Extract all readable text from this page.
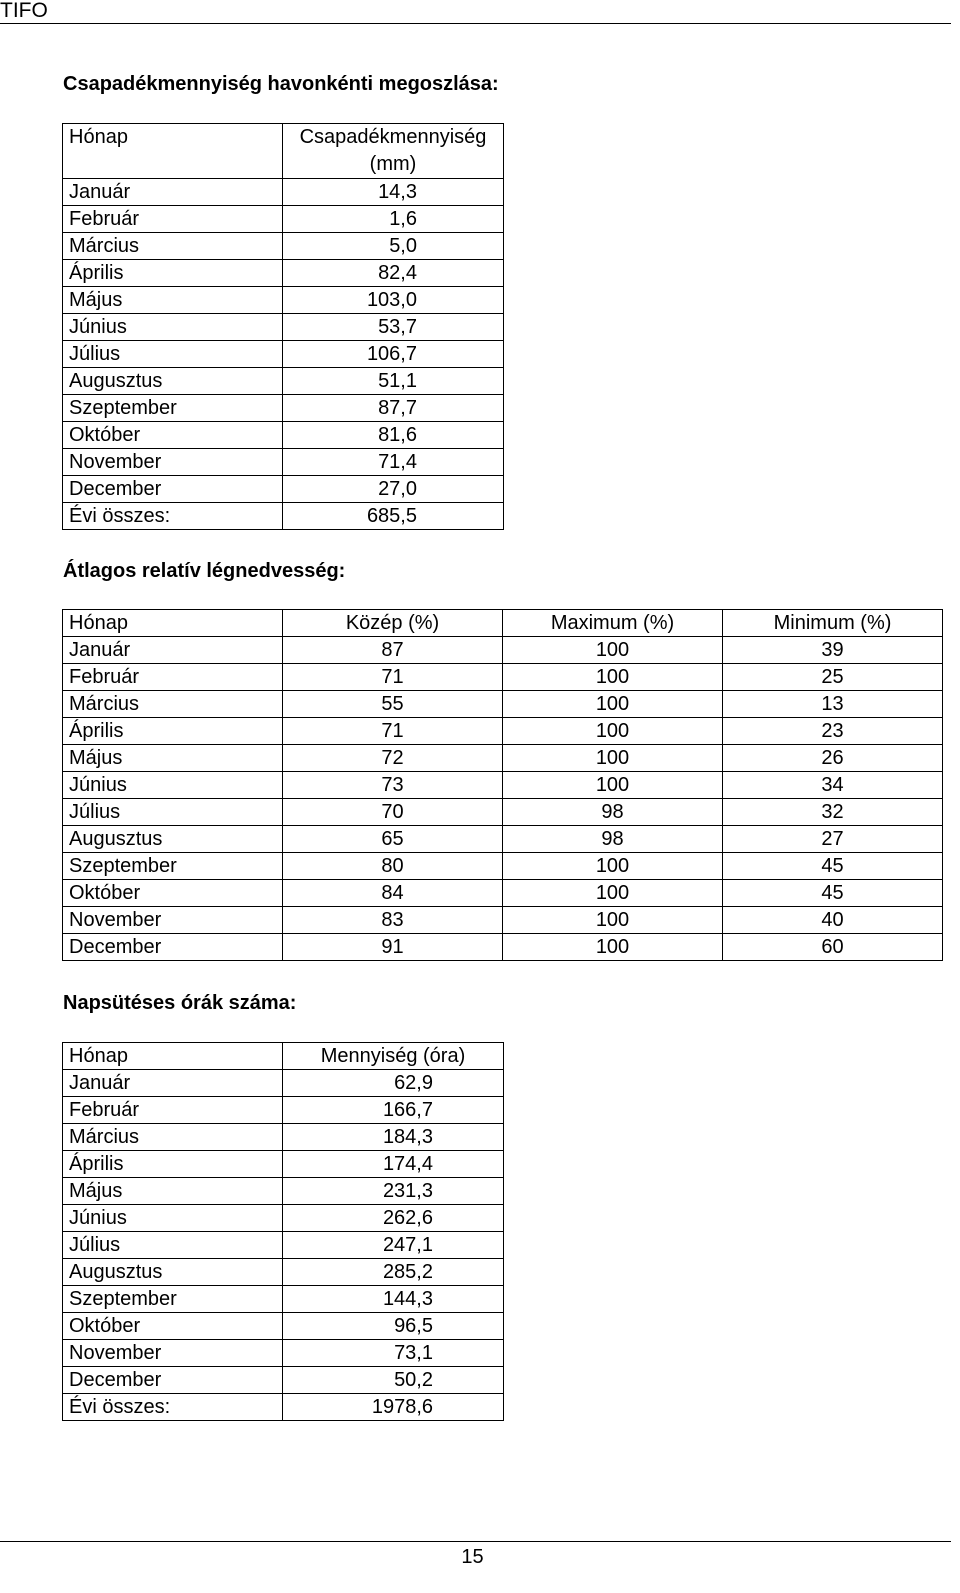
TIFO
Csapadékmennyiség havonkénti megoszlása:
Hónap	Csapadékmennyiség (mm)
Január	14,3
Február	1,6
Március	5,0
Április	82,4
Május	103,0
Június	53,7
Július	106,7
Augusztus	51,1
Szeptember	87,7
Október	81,6
November	71,4
December	27,0
Évi összes:	685,5
Átlagos relatív légnedvesség:
Hónap	Közép (%)	Maximum (%)	Minimum (%)
Január	87	100	39
Február	71	100	25
Március	55	100	13
Április	71	100	23
Május	72	100	26
Június	73	100	34
Július	70	98	32
Augusztus	65	98	27
Szeptember	80	100	45
Október	84	100	45
November	83	100	40
December	91	100	60
Napsütéses órák száma:
Hónap	Mennyiség (óra)
Január	62,9
Február	166,7
Március	184,3
Április	174,4
Május	231,3
Június	262,6
Július	247,1
Augusztus	285,2
Szeptember	144,3
Október	96,5
November	73,1
December	50,2
Évi összes:	1978,6
15
